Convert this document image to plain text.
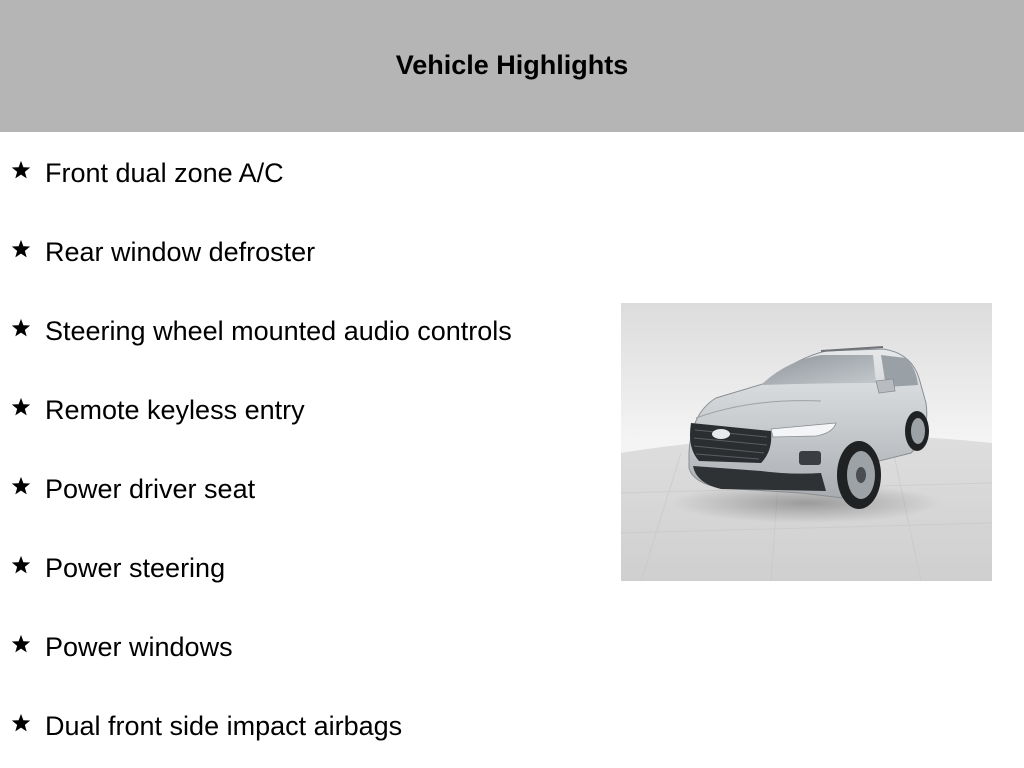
Vehicle Highlights
Front dual zone A/C
Rear window defroster
Steering wheel mounted audio controls
Remote keyless entry
Power driver seat
Power steering
Power windows
Dual front side impact airbags
